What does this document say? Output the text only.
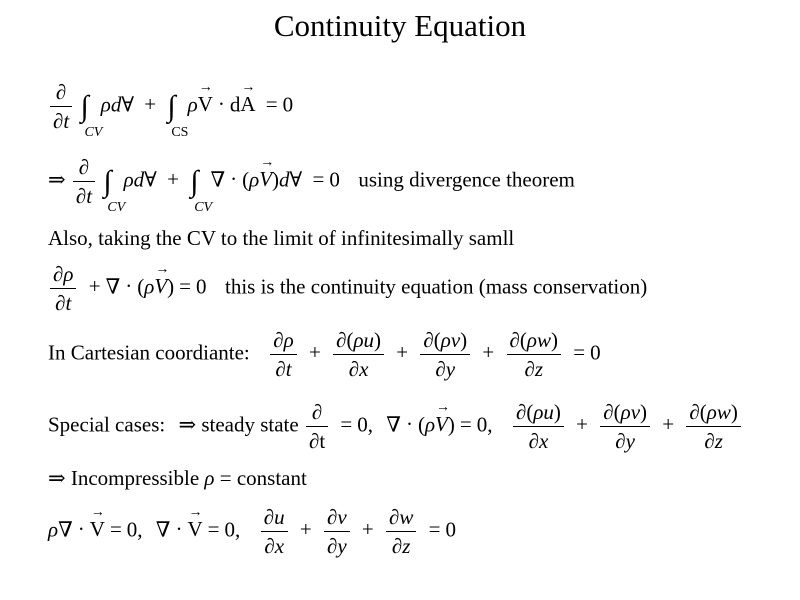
Continuity Equation
$\frac{\partial}{\partial t}$ ∫
CV
ρd∀ + ∫
CS
ρ→ V · d→ A = 0
⇒ $\frac{\partial}{\partial t}$ ∫
CV
ρd∀ + ∫
CV
∇ · (ρ→ V)d∀ = 0  using divergence theorem
Also, taking the CV to the limit of infinitesimally samll
$\frac{\partial\rho}{\partial t}$ + ∇ · (ρ→ V) = 0  this is the continuity equation (mass conservation)
In Cartesian coordiante: $\frac{\partial\rho}{\partial t} + \frac{\partial(\rho u)}{\partial x} + \frac{\partial(\rho v)}{\partial y} + \frac{\partial(\rho w)}{\partial z} = 0$
Special cases: ⇒ steady state $\frac{\partial}{\partial t} = 0$, ∇ · (ρ→ V) = 0, $\frac{\partial(\rho u)}{\partial x} + \frac{\partial(\rho v)}{\partial y} + \frac{\partial(\rho w)}{\partial z}$
⇒ Incompressible ρ = constant
ρ∇ · → V = 0, ∇ · → V = 0, $\frac{\partial u}{\partial x} + \frac{\partial v}{\partial y} + \frac{\partial w}{\partial z} = 0$
